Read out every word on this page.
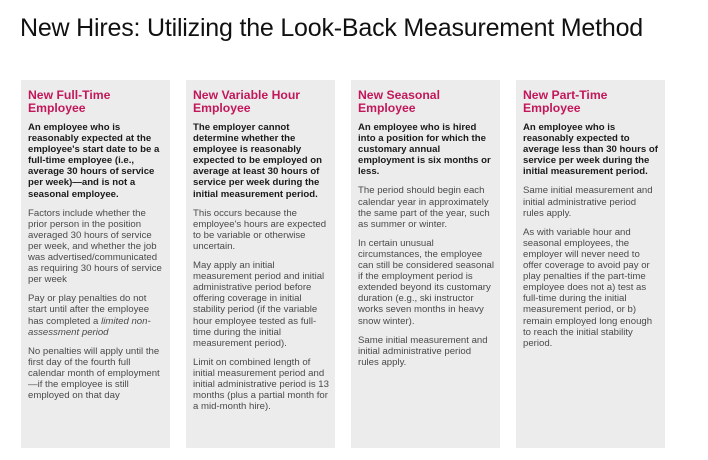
New Hires: Utilizing the Look-Back Measurement Method
New Full-Time
Employee
An employee who is reasonably expected at the employee's start date to be a full-time employee (i.e., average 30 hours of service per week)—and is not a seasonal employee.
Factors include whether the prior person in the position averaged 30 hours of service per week, and whether the job was advertised/communicated as requiring 30 hours of service per week
Pay or play penalties do not start until after the employee has completed a limited non-assessment period
No penalties will apply until the first day of the fourth full calendar month of employment—if the employee is still employed on that day
New Variable Hour
Employee
The employer cannot determine whether the employee is reasonably expected to be employed on average at least 30 hours of service per week during the initial measurement period.
This occurs because the employee's hours are expected to be variable or otherwise uncertain.
May apply an initial measurement period and initial administrative period before offering coverage in initial stability period (if the variable hour employee tested as full-time during the initial measurement period).
Limit on combined length of initial measurement period and initial administrative period is 13 months (plus a partial month for a mid-month hire).
New Seasonal
Employee
An employee who is hired into a position for which the customary annual employment is six months or less.
The period should begin each calendar year in approximately the same part of the year, such as summer or winter.
In certain unusual circumstances, the employee can still be considered seasonal if the employment period is extended beyond its customary duration (e.g., ski instructor works seven months in heavy snow winter).
Same initial measurement and initial administrative period rules apply.
New Part-Time
Employee
An employee who is reasonably expected to average less than 30 hours of service per week during the initial measurement period.
Same initial measurement and initial administrative period rules apply.
As with variable hour and seasonal employees, the employer will never need to offer coverage to avoid pay or play penalties if the part-time employee does not a) test as full-time during the initial measurement period, or b) remain employed long enough to reach the initial stability period.
